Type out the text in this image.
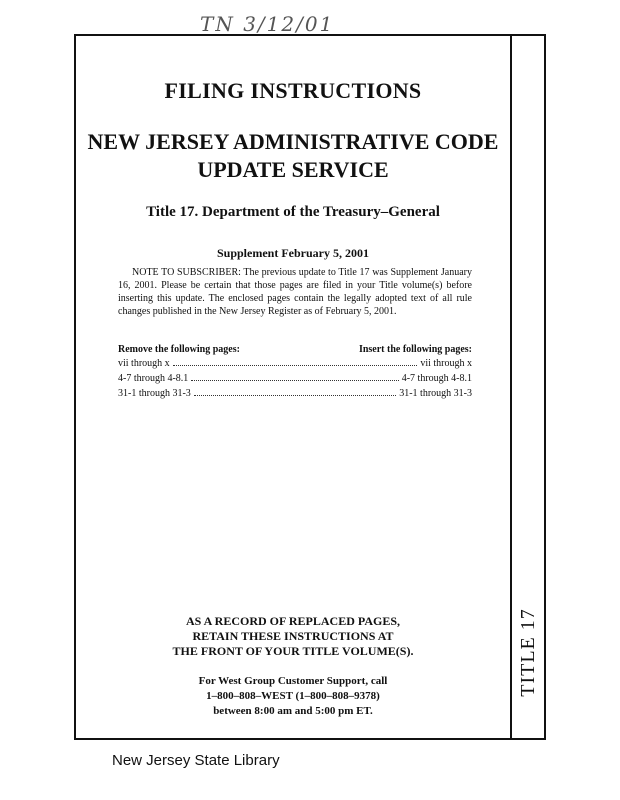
TN 3/12/01
TITLE 17
FILING INSTRUCTIONS
NEW JERSEY ADMINISTRATIVE CODE
UPDATE SERVICE
Title 17. Department of the Treasury–General
Supplement February 5, 2001
NOTE TO SUBSCRIBER: The previous update to Title 17 was Supplement January 16, 2001. Please be certain that those pages are filed in your Title volume(s) before inserting this update. The enclosed pages contain the legally adopted text of all rule changes published in the New Jersey Register as of February 5, 2001.
Remove the following pages:	Insert the following pages:
vii through x	vii through x
4-7 through 4-8.1	4-7 through 4-8.1
31-1 through 31-3	31-1 through 31-3
AS A RECORD OF REPLACED PAGES,
RETAIN THESE INSTRUCTIONS AT
THE FRONT OF YOUR TITLE VOLUME(S).
For West Group Customer Support, call
1–800–808–WEST (1–800–808–9378)
between 8:00 am and 5:00 pm ET.
New Jersey State Library
